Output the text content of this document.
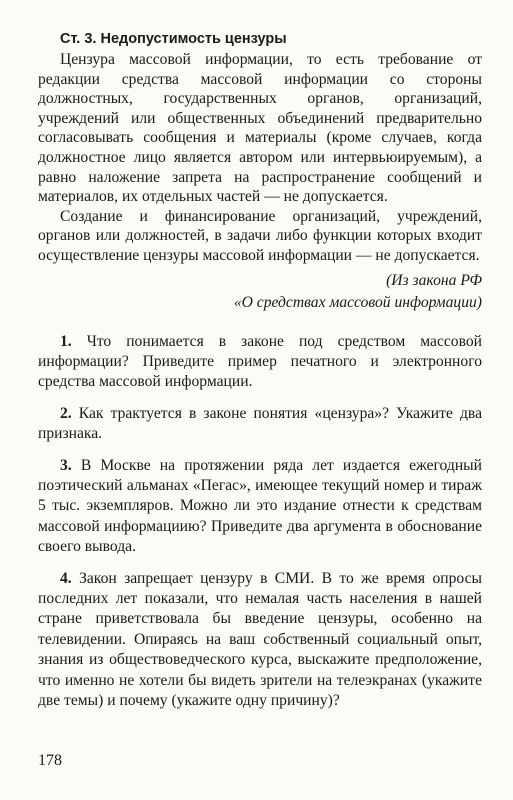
Ст. 3. Недопустимость цензуры

Цензура массовой информации, то есть требование от редакции средства массовой информации со стороны должностных, государственных органов, организаций, учреждений или общественных объединений предварительно согласовывать сообщения и материалы (кроме случаев, когда должностное лицо является автором или интервьюируемым), а равно наложение запрета на распространение сообщений и материалов, их отдельных частей — не допускается.

Создание и финансирование организаций, учреждений, органов или должностей, в задачи либо функции которых входит осуществление цензуры массовой информации — не допускается.

(Из закона РФ
«О средствах массовой информации)

1. Что понимается в законе под средством массовой информации? Приведите пример печатного и электронного средства массовой информации.

2. Как трактуется в законе понятия «цензура»? Укажите два признака.

3. В Москве на протяжении ряда лет издается ежегодный поэтический альманах «Пегас», имеющее текущий номер и тираж 5 тыс. экземпляров. Можно ли это издание отнести к средствам массовой информациию? Приведите два аргумента в обоснование своего вывода.

4. Закон запрещает цензуру в СМИ. В то же время опросы последних лет показали, что немалая часть населения в нашей стране приветствовала бы введение цензуры, особенно на телевидении. Опираясь на ваш собственный социальный опыт, знания из обществоведческого курса, выскажите предположение, что именно не хотели бы видеть зрители на телеэкранах (укажите две темы) и почему (укажите одну причину)?

178
